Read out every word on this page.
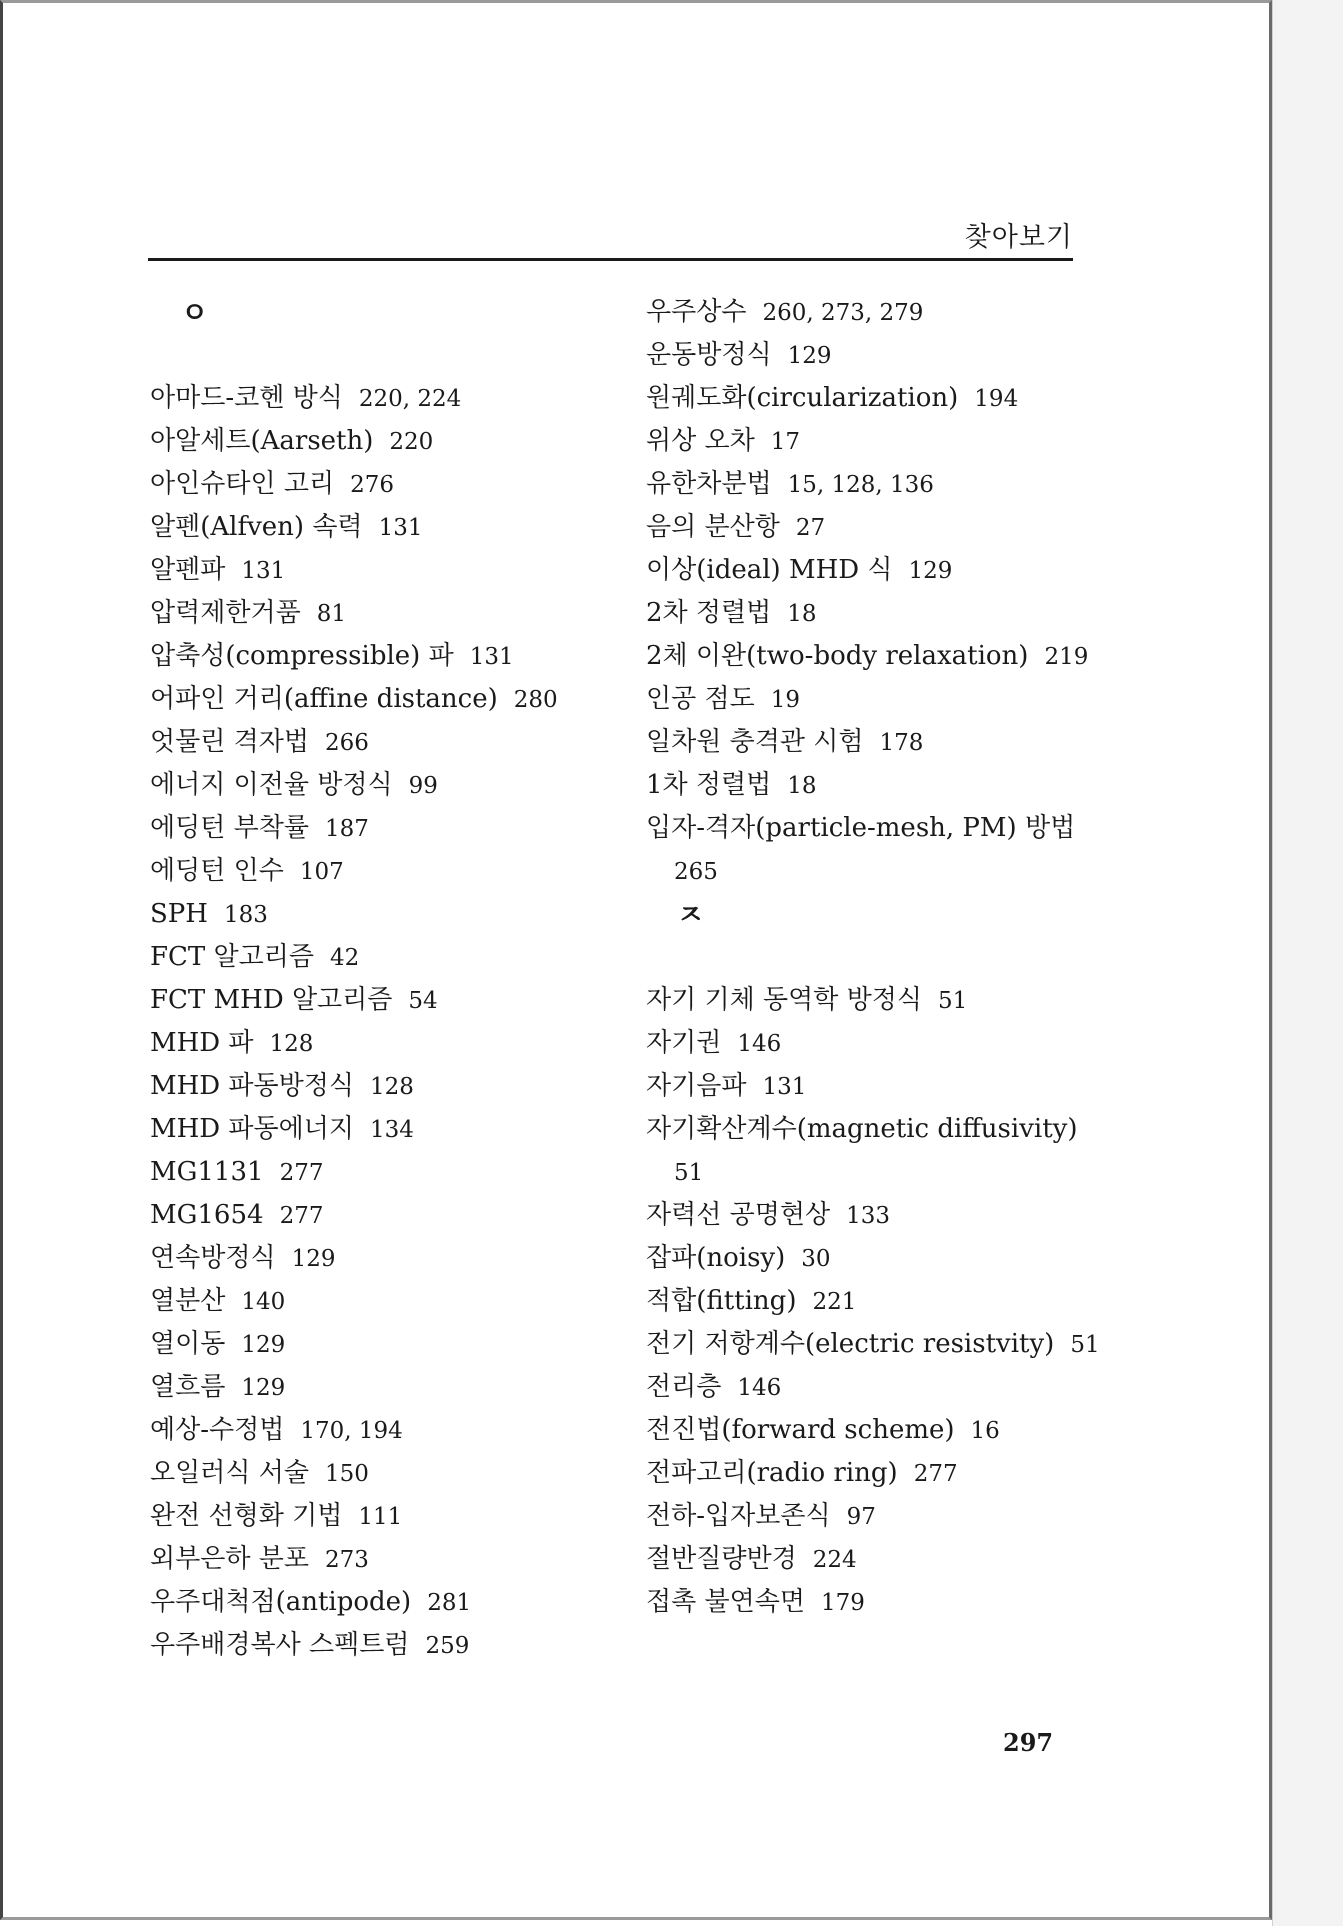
찾아보기
ㅇ
아마드-코헨 방식 220, 224
아알세트(Aarseth) 220
아인슈타인 고리 276
알펜(Alfven) 속력 131
알펜파 131
압력제한거품 81
압축성(compressible) 파 131
어파인 거리(affine distance) 280
엇물린 격자법 266
에너지 이전율 방정식 99
에딩턴 부착률 187
에딩턴 인수 107
SPH 183
FCT 알고리즘 42
FCT MHD 알고리즘 54
MHD 파 128
MHD 파동방정식 128
MHD 파동에너지 134
MG1131 277
MG1654 277
연속방정식 129
열분산 140
열이동 129
열흐름 129
예상-수정법 170, 194
오일러식 서술 150
완전 선형화 기법 111
외부은하 분포 273
우주대척점(antipode) 281
우주배경복사 스펙트럼 259
우주상수 260, 273, 279
운동방정식 129
원궤도화(circularization) 194
위상 오차 17
유한차분법 15, 128, 136
음의 분산항 27
이상(ideal) MHD 식 129
2차 정렬법 18
2체 이완(two-body relaxation) 219
인공 점도 19
일차원 충격관 시험 178
1차 정렬법 18
입자-격자(particle-mesh, PM) 방법
265
ㅈ
자기 기체 동역학 방정식 51
자기권 146
자기음파 131
자기확산계수(magnetic diffusivity)
51
자력선 공명현상 133
잡파(noisy) 30
적합(fitting) 221
전기 저항계수(electric resistvity) 51
전리층 146
전진법(forward scheme) 16
전파고리(radio ring) 277
전하-입자보존식 97
절반질량반경 224
접촉 불연속면 179
297
